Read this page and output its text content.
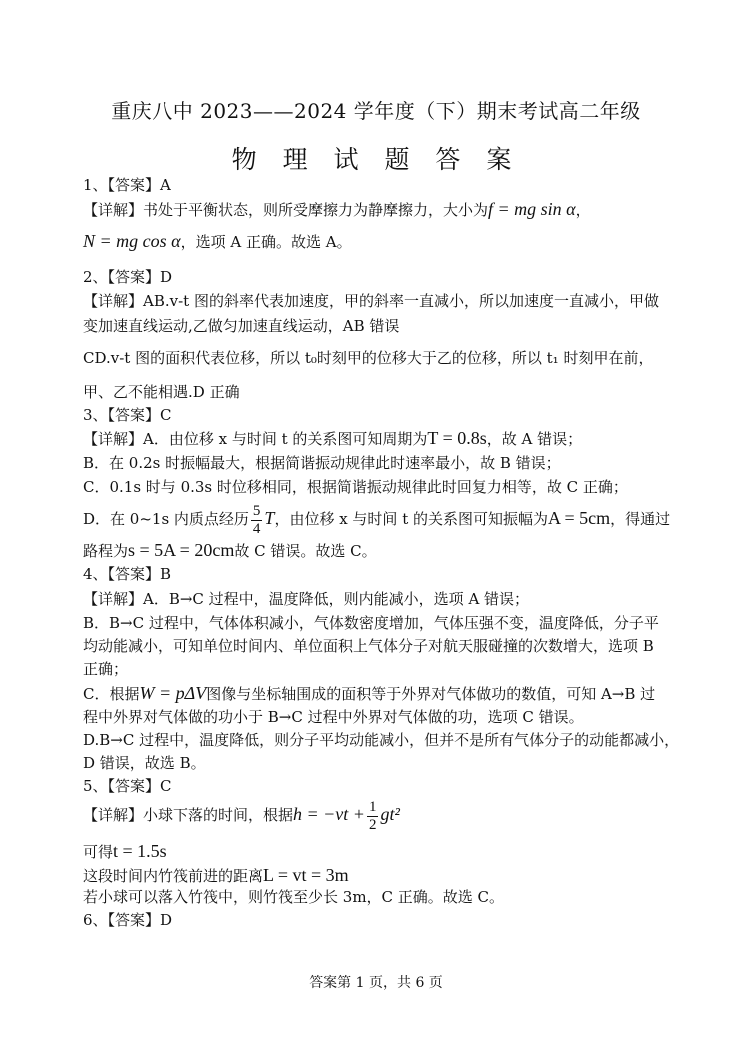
重庆八中 2023——2024 学年度（下）期末考试高二年级
物 理 试 题 答 案
1、【答案】A
【详解】书处于平衡状态，则所受摩擦力为静摩擦力，大小为f = mg sin α，
N = mg cos α，选项 A 正确。故选 A。
2、【答案】D
【详解】AB.v-t 图的斜率代表加速度，甲的斜率一直减小，所以加速度一直减小，甲做
变加速直线运动,乙做匀加速直线运动，AB 错误
CD.v-t 图的面积代表位移，所以 t₀时刻甲的位移大于乙的位移，所以 t₁ 时刻甲在前，
甲、乙不能相遇.D 正确
3、【答案】C
【详解】A．由位移 x 与时间 t 的关系图可知周期为T = 0.8s，故 A 错误；
B．在 0.2s 时振幅最大，根据简谐振动规律此时速率最小，故 B 错误；
C．0.1s 时与 0.3s 时位移相同，根据简谐振动规律此时回复力相等，故 C 正确；
D．在 0~1s 内质点经历 $\frac{5}{4}$ T，由位移 x 与时间 t 的关系图可知振幅为A = 5cm，得通过
路程为s = 5A = 20cm故 C 错误。故选 C。
4、【答案】B
【详解】A．B→C 过程中，温度降低，则内能减小，选项 A 错误；
B．B→C 过程中，气体体积减小，气体数密度增加，气体压强不变，温度降低，分子平
均动能减小，可知单位时间内、单位面积上气体分子对航天服碰撞的次数增大，选项 B
正确；
C．根据W = pΔV图像与坐标轴围成的面积等于外界对气体做功的数值，可知 A→B 过
程中外界对气体做的功小于 B→C 过程中外界对气体做的功，选项 C 错误。
D.B→C 过程中，温度降低，则分子平均动能减小，但并不是所有气体分子的动能都减小，
D 错误，故选 B。
5、【答案】C
【详解】小球下落的时间，根据$h = -vt + \frac{1}{2} gt^2$
可得t = 1.5s
这段时间内竹筏前进的距离L = vt = 3m
若小球可以落入竹筏中，则竹筏至少长 3m，C 正确。故选 C。
6、【答案】D
答案第 1 页，共 6 页
